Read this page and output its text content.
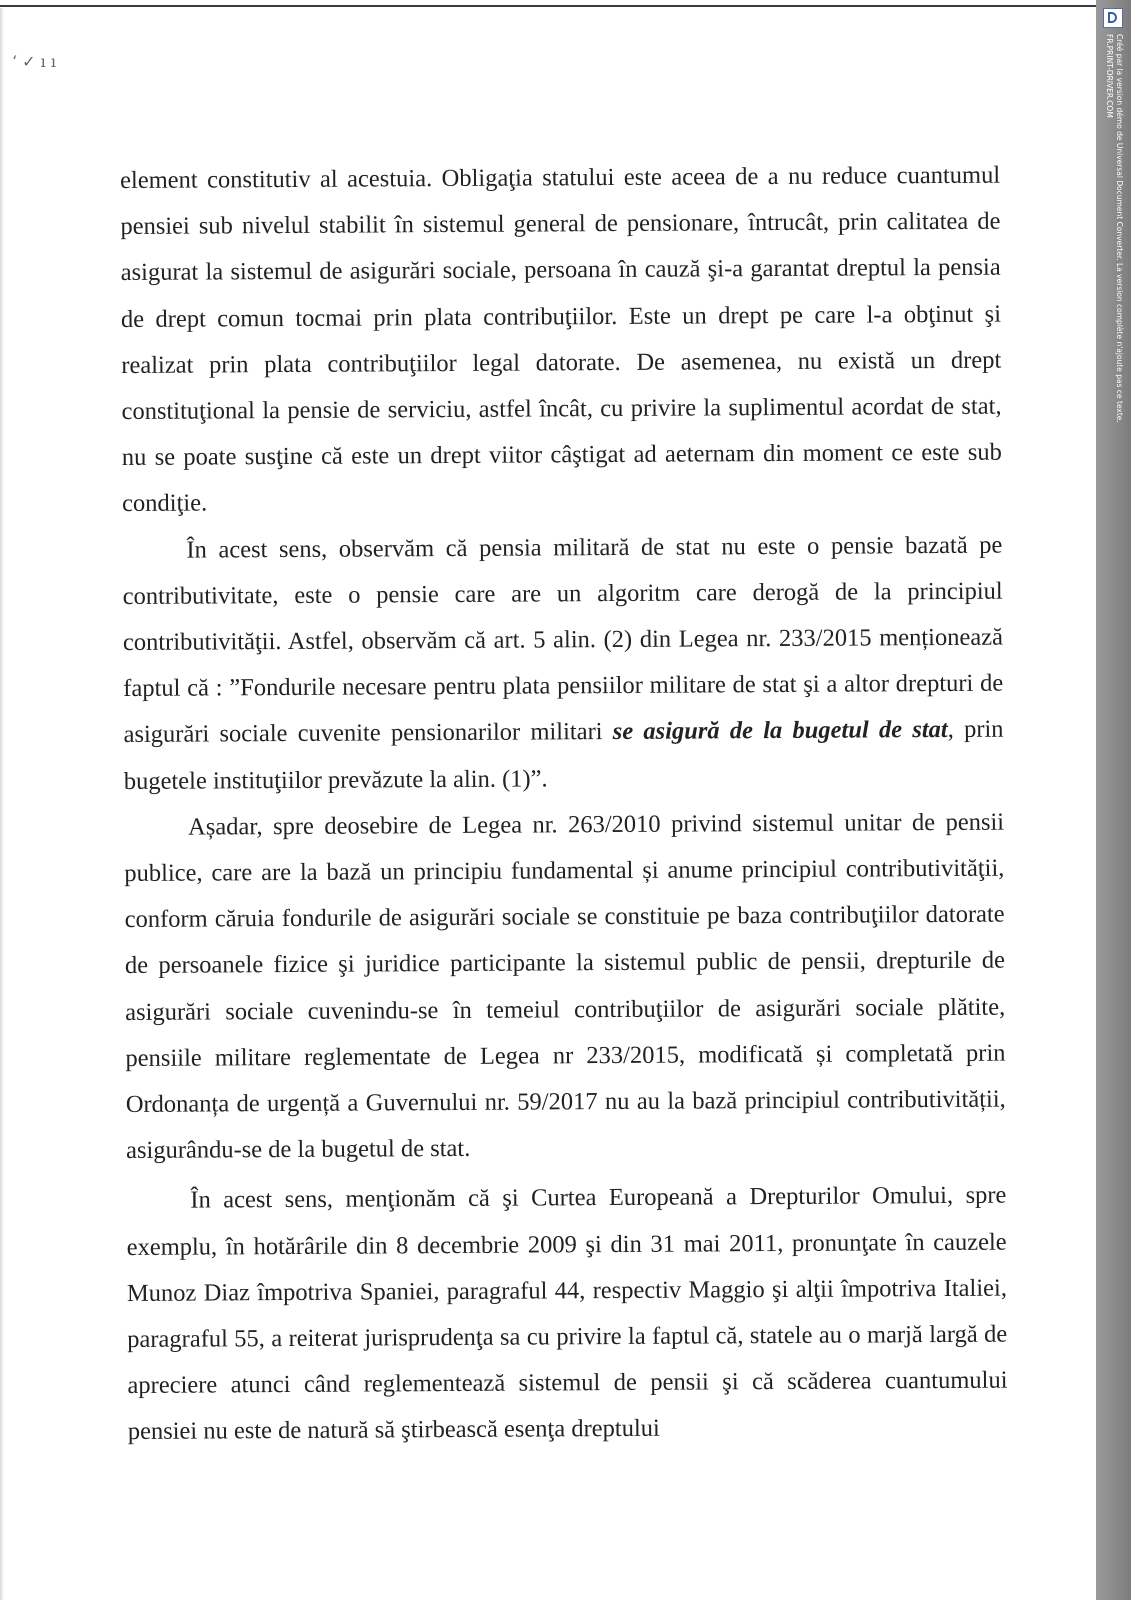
‘ ✓ ı ı

element constitutiv al acestuia. Obligaţia statului este aceea de a nu reduce cuantumul pensiei sub nivelul stabilit în sistemul general de pensionare, întrucât, prin calitatea de asigurat la sistemul de asigurări sociale, persoana în cauză şi-a garantat dreptul la pensia de drept comun tocmai prin plata contribuţiilor. Este un drept pe care l-a obţinut şi realizat prin plata contribuţiilor legal datorate. De asemenea, nu există un drept constituţional la pensie de serviciu, astfel încât, cu privire la suplimentul acordat de stat, nu se poate susţine că este un drept viitor câştigat ad aeternam din moment ce este sub condiţie.

În acest sens, observăm că pensia militară de stat nu este o pensie bazată pe contributivitate, este o pensie care are un algoritm care derogă de la principiul contributivităţii. Astfel, observăm că art. 5 alin. (2) din Legea nr. 233/2015 menționează faptul că : ”Fondurile necesare pentru plata pensiilor militare de stat şi a altor drepturi de asigurări sociale cuvenite pensionarilor militari se asigură de la bugetul de stat, prin bugetele instituţiilor prevăzute la alin. (1)”.

Așadar, spre deosebire de Legea nr. 263/2010 privind sistemul unitar de pensii publice, care are la bază un principiu fundamental și anume principiul contributivităţii, conform căruia fondurile de asigurări sociale se constituie pe baza contribuţiilor datorate de persoanele fizice şi juridice participante la sistemul public de pensii, drepturile de asigurări sociale cuvenindu-se în temeiul contribuţiilor de asigurări sociale plătite, pensiile militare reglementate de Legea nr 233/2015, modificată și completată prin Ordonanța de urgență a Guvernului nr. 59/2017 nu au la bază principiul contributivității, asigurându-se de la bugetul de stat.

În acest sens, menţionăm că şi Curtea Europeană a Drepturilor Omului, spre exemplu, în hotărârile din 8 decembrie 2009 şi din 31 mai 2011, pronunţate în cauzele Munoz Diaz împotriva Spaniei, paragraful 44, respectiv Maggio şi alţii împotriva Italiei, paragraful 55, a reiterat jurisprudenţa sa cu privire la faptul că, statele au o marjă largă de apreciere atunci când reglementează sistemul de pensii şi că scăderea cuantumului pensiei nu este de natură să ştirbească esenţa dreptului

Créé par la version démo de Universal Document Converter. La version complète n'ajoute pas ce texte.
FR.PRINT-DRIVER.COM
